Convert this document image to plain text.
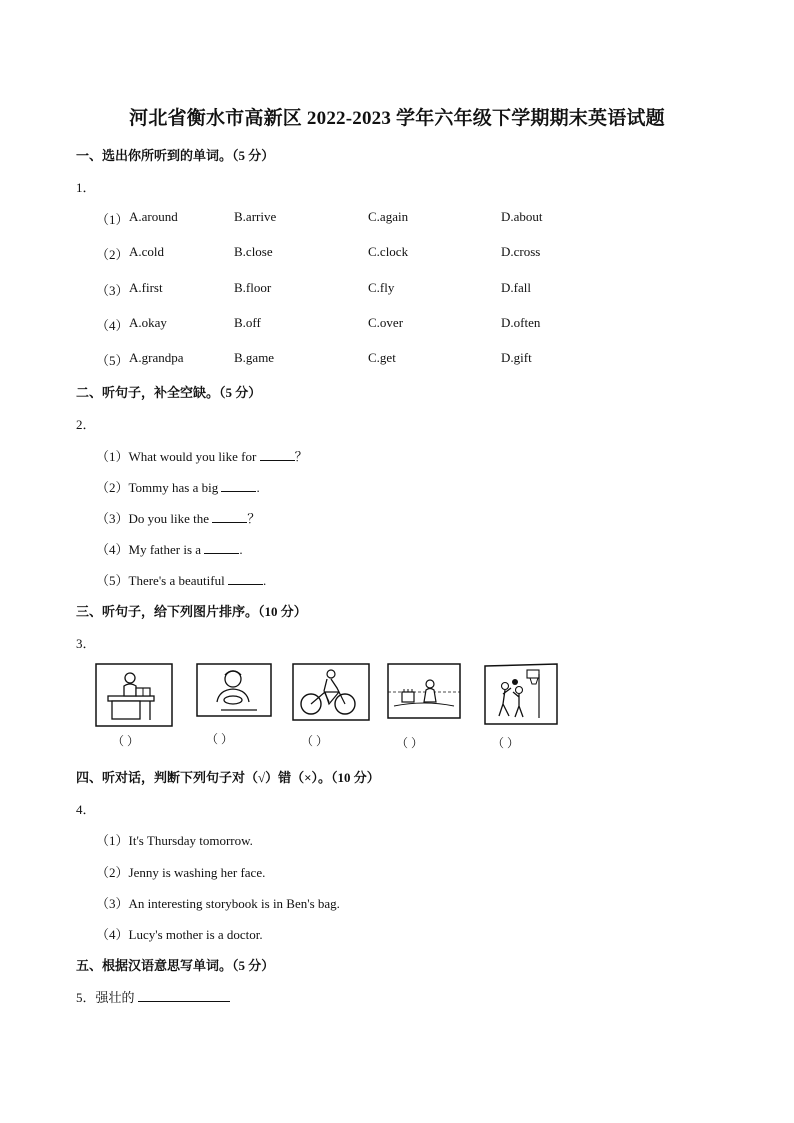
河北省衡水市高新区 2022-2023 学年六年级下学期期末英语试题
一、选出你所听到的单词。（5 分）
1．
（1） A.around	B.arrive	C.again	D.about
（2） A.cold	B.close	C.clock	D.cross
（3） A.first	B.floor	C.fly	D.fall
（4） A.okay	B.off	C.over	D.often
（5） A.grandpa	B.game	C.get	D.gift
二、听句子，补全空缺。（5 分）
2．
（1）What would you like for	？
（2）Tommy has a big	.
（3）Do you like the	？
（4）My father is a	.
（5）There's a beautiful	.
三、听句子，给下列图片排序。（10 分）
3．
（ ）	（ ）	（ ）	（ ）	（ ）
四、听对话，判断下列句子对（√）错（×）。（10 分）
4．
（1）It's Thursday tomorrow.
（2）Jenny is washing her face.
（3）An interesting storybook is in Ben's bag.
（4）Lucy's mother is a doctor.
五、根据汉语意思写单词。（5 分）
5．强壮的
